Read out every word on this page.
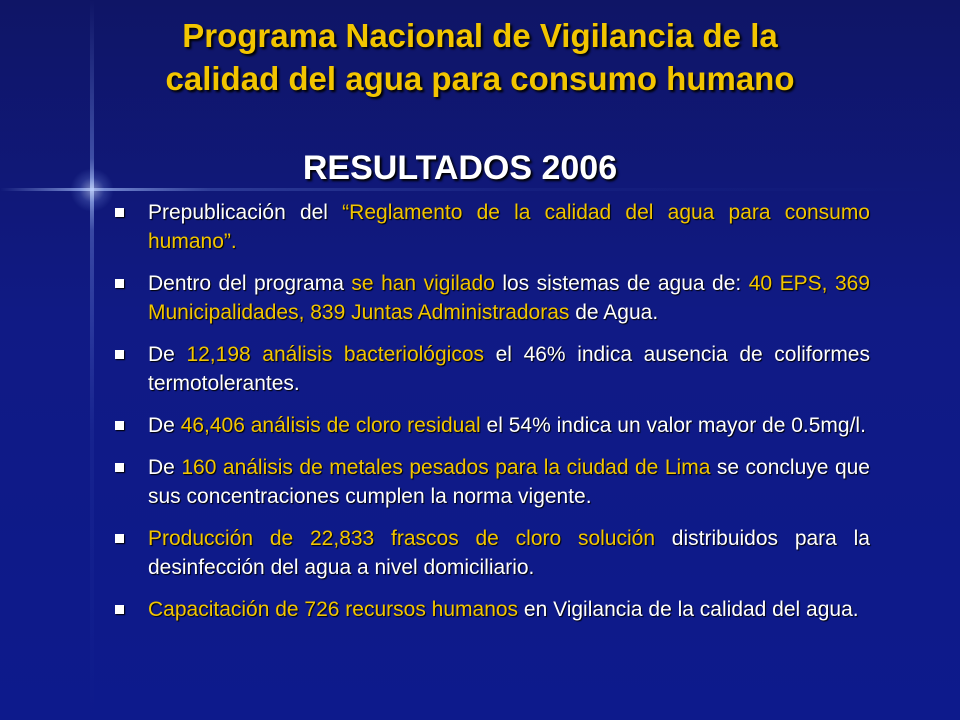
Programa Nacional de Vigilancia de la
calidad del agua para consumo humano
RESULTADOS 2006
Prepublicación del “Reglamento de la calidad del agua para consumo humano”.
Dentro del programa se han vigilado los sistemas de agua de: 40 EPS, 369 Municipalidades, 839 Juntas Administradoras de Agua.
De 12,198 análisis bacteriológicos el 46% indica ausencia de coliformes termotolerantes.
De 46,406 análisis de cloro residual el 54% indica un valor mayor de 0.5mg/l.
De 160 análisis de metales pesados para la ciudad de Lima se concluye que sus concentraciones cumplen la norma vigente.
Producción de 22,833 frascos de cloro solución distribuidos para la desinfección del agua a nivel domiciliario.
Capacitación de 726 recursos humanos en Vigilancia de la calidad del agua.
